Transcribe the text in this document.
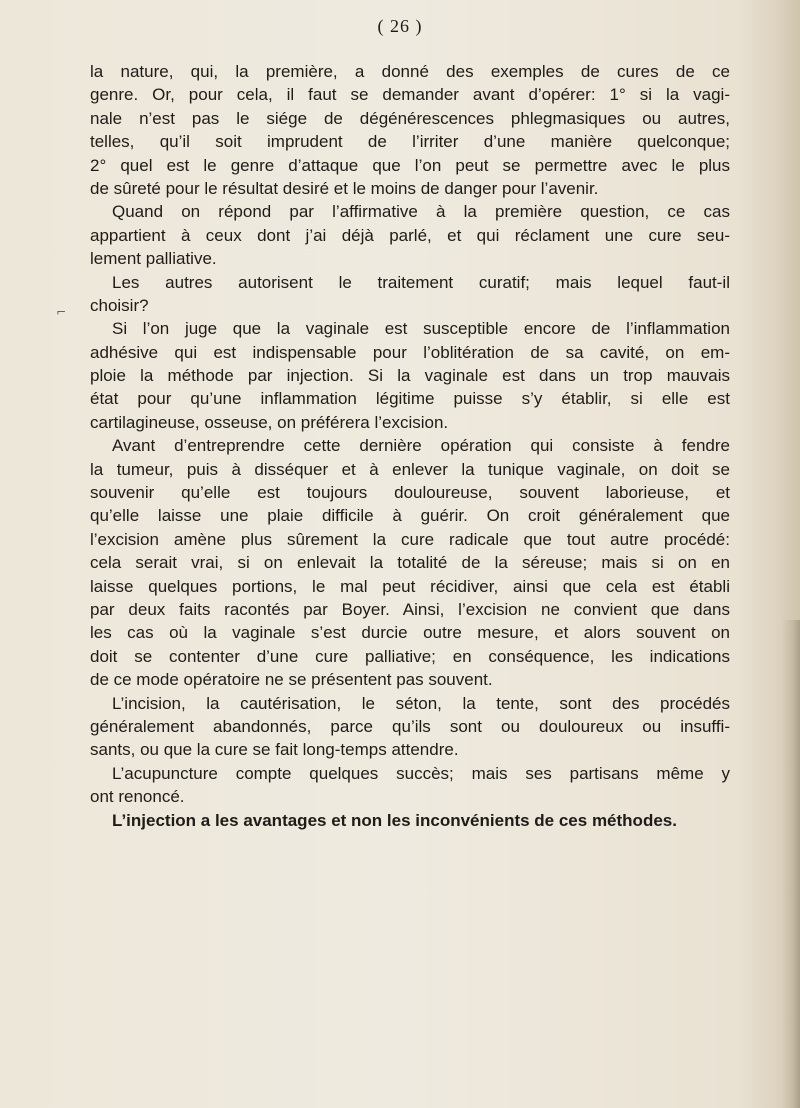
( 26 )
⌐
la nature, qui, la première, a donné des exemples de cures de ce
genre. Or, pour cela, il faut se demander avant d’opérer: 1° si la vagi-
nale n’est pas le siége de dégénérescences phlegmasiques ou autres,
telles, qu’il soit imprudent de l’irriter d’une manière quelconque;
2° quel est le genre d’attaque que l’on peut se permettre avec le plus
de sûreté pour le résultat desiré et le moins de danger pour l’avenir.
Quand on répond par l’affirmative à la première question, ce cas
appartient à ceux dont j’ai déjà parlé, et qui réclament une cure seu-
lement palliative.
Les autres autorisent le traitement curatif; mais lequel faut-il
choisir?
Si l’on juge que la vaginale est susceptible encore de l’inflammation
adhésive qui est indispensable pour l’oblitération de sa cavité, on em-
ploie la méthode par injection. Si la vaginale est dans un trop mauvais
état pour qu’une inflammation légitime puisse s’y établir, si elle est
cartilagineuse, osseuse, on préférera l’excision.
Avant d’entreprendre cette dernière opération qui consiste à fendre
la tumeur, puis à disséquer et à enlever la tunique vaginale, on doit se
souvenir qu’elle est toujours douloureuse, souvent laborieuse, et
qu’elle laisse une plaie difficile à guérir. On croit généralement que
l’excision amène plus sûrement la cure radicale que tout autre procédé:
cela serait vrai, si on enlevait la totalité de la séreuse; mais si on en
laisse quelques portions, le mal peut récidiver, ainsi que cela est établi
par deux faits racontés par Boyer. Ainsi, l’excision ne convient que dans
les cas où la vaginale s’est durcie outre mesure, et alors souvent on
doit se contenter d’une cure palliative; en conséquence, les indications
de ce mode opératoire ne se présentent pas souvent.
L’incision, la cautérisation, le séton, la tente, sont des procédés
généralement abandonnés, parce qu’ils sont ou douloureux ou insuffi-
sants, ou que la cure se fait long-temps attendre.
L’acupuncture compte quelques succès; mais ses partisans même y
ont renoncé.
L’injection a les avantages et non les inconvénients de ces méthodes.
